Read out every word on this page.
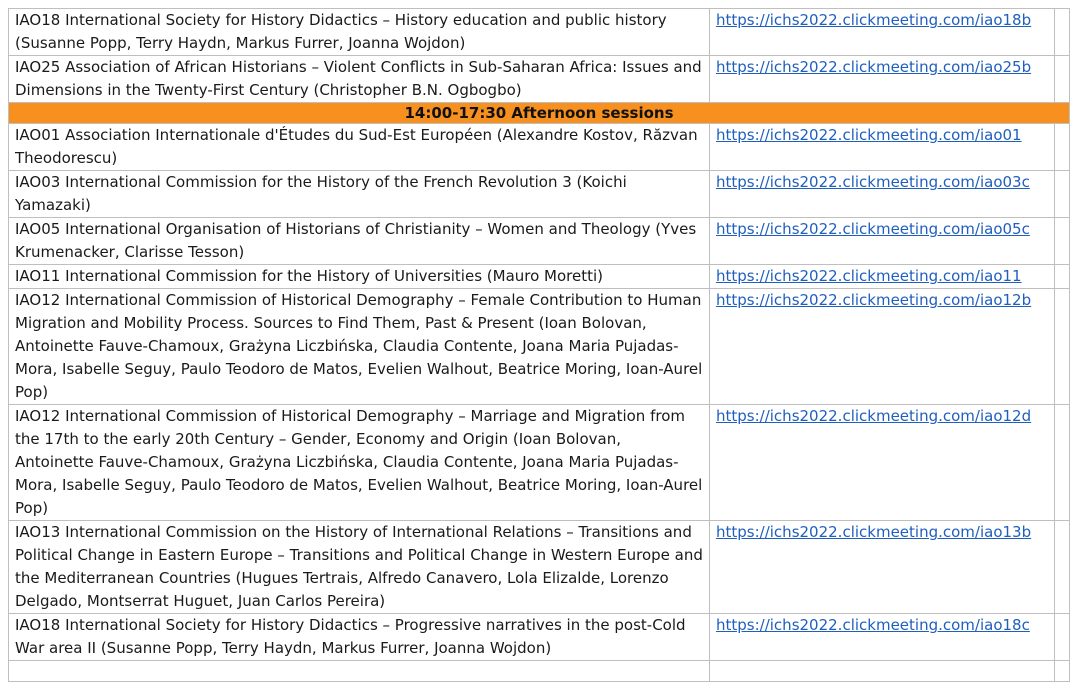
IAO18 International Society for History Didactics – History education and public history (Susanne Popp, Terry Haydn, Markus Furrer, Joanna Wojdon)	https://ichs2022.clickmeeting.com/iao18b	
IAO25 Association of African Historians – Violent Conflicts in Sub-Saharan Africa: Issues and Dimensions in the Twenty-First Century (Christopher B.N. Ogbogbo)	https://ichs2022.clickmeeting.com/iao25b	
14:00-17:30 Afternoon sessions		
IAO01 Association Internationale d'Études du Sud-Est Européen (Alexandre Kostov, Răzvan Theodorescu)	https://ichs2022.clickmeeting.com/iao01	
IAO03 International Commission for the History of the French Revolution 3 (Koichi Yamazaki)	https://ichs2022.clickmeeting.com/iao03c	
IAO05 International Organisation of Historians of Christianity – Women and Theology (Yves Krumenacker, Clarisse Tesson)	https://ichs2022.clickmeeting.com/iao05c	
IAO11 International Commission for the History of Universities (Mauro Moretti)	https://ichs2022.clickmeeting.com/iao11	
IAO12 International Commission of Historical Demography – Female Contribution to Human Migration and Mobility Process. Sources to Find Them, Past & Present (Ioan Bolovan, Antoinette Fauve-Chamoux, Grażyna Liczbińska, Claudia Contente, Joana Maria Pujadas-Mora, Isabelle Seguy, Paulo Teodoro de Matos, Evelien Walhout, Beatrice Moring, Ioan-Aurel Pop)	https://ichs2022.clickmeeting.com/iao12b	
IAO12 International Commission of Historical Demography – Marriage and Migration from the 17th to the early 20th Century – Gender, Economy and Origin (Ioan Bolovan, Antoinette Fauve-Chamoux, Grażyna Liczbińska, Claudia Contente, Joana Maria Pujadas-Mora, Isabelle Seguy, Paulo Teodoro de Matos, Evelien Walhout, Beatrice Moring, Ioan-Aurel Pop)	https://ichs2022.clickmeeting.com/iao12d	
IAO13 International Commission on the History of International Relations – Transitions and Political Change in Eastern Europe – Transitions and Political Change in Western Europe and the Mediterranean Countries (Hugues Tertrais, Alfredo Canavero, Lola Elizalde, Lorenzo Delgado, Montserrat Huguet, Juan Carlos Pereira)	https://ichs2022.clickmeeting.com/iao13b	
IAO18 International Society for History Didactics – Progressive narratives in the post-Cold War area II (Susanne Popp, Terry Haydn, Markus Furrer, Joanna Wojdon)	https://ichs2022.clickmeeting.com/iao18c	
